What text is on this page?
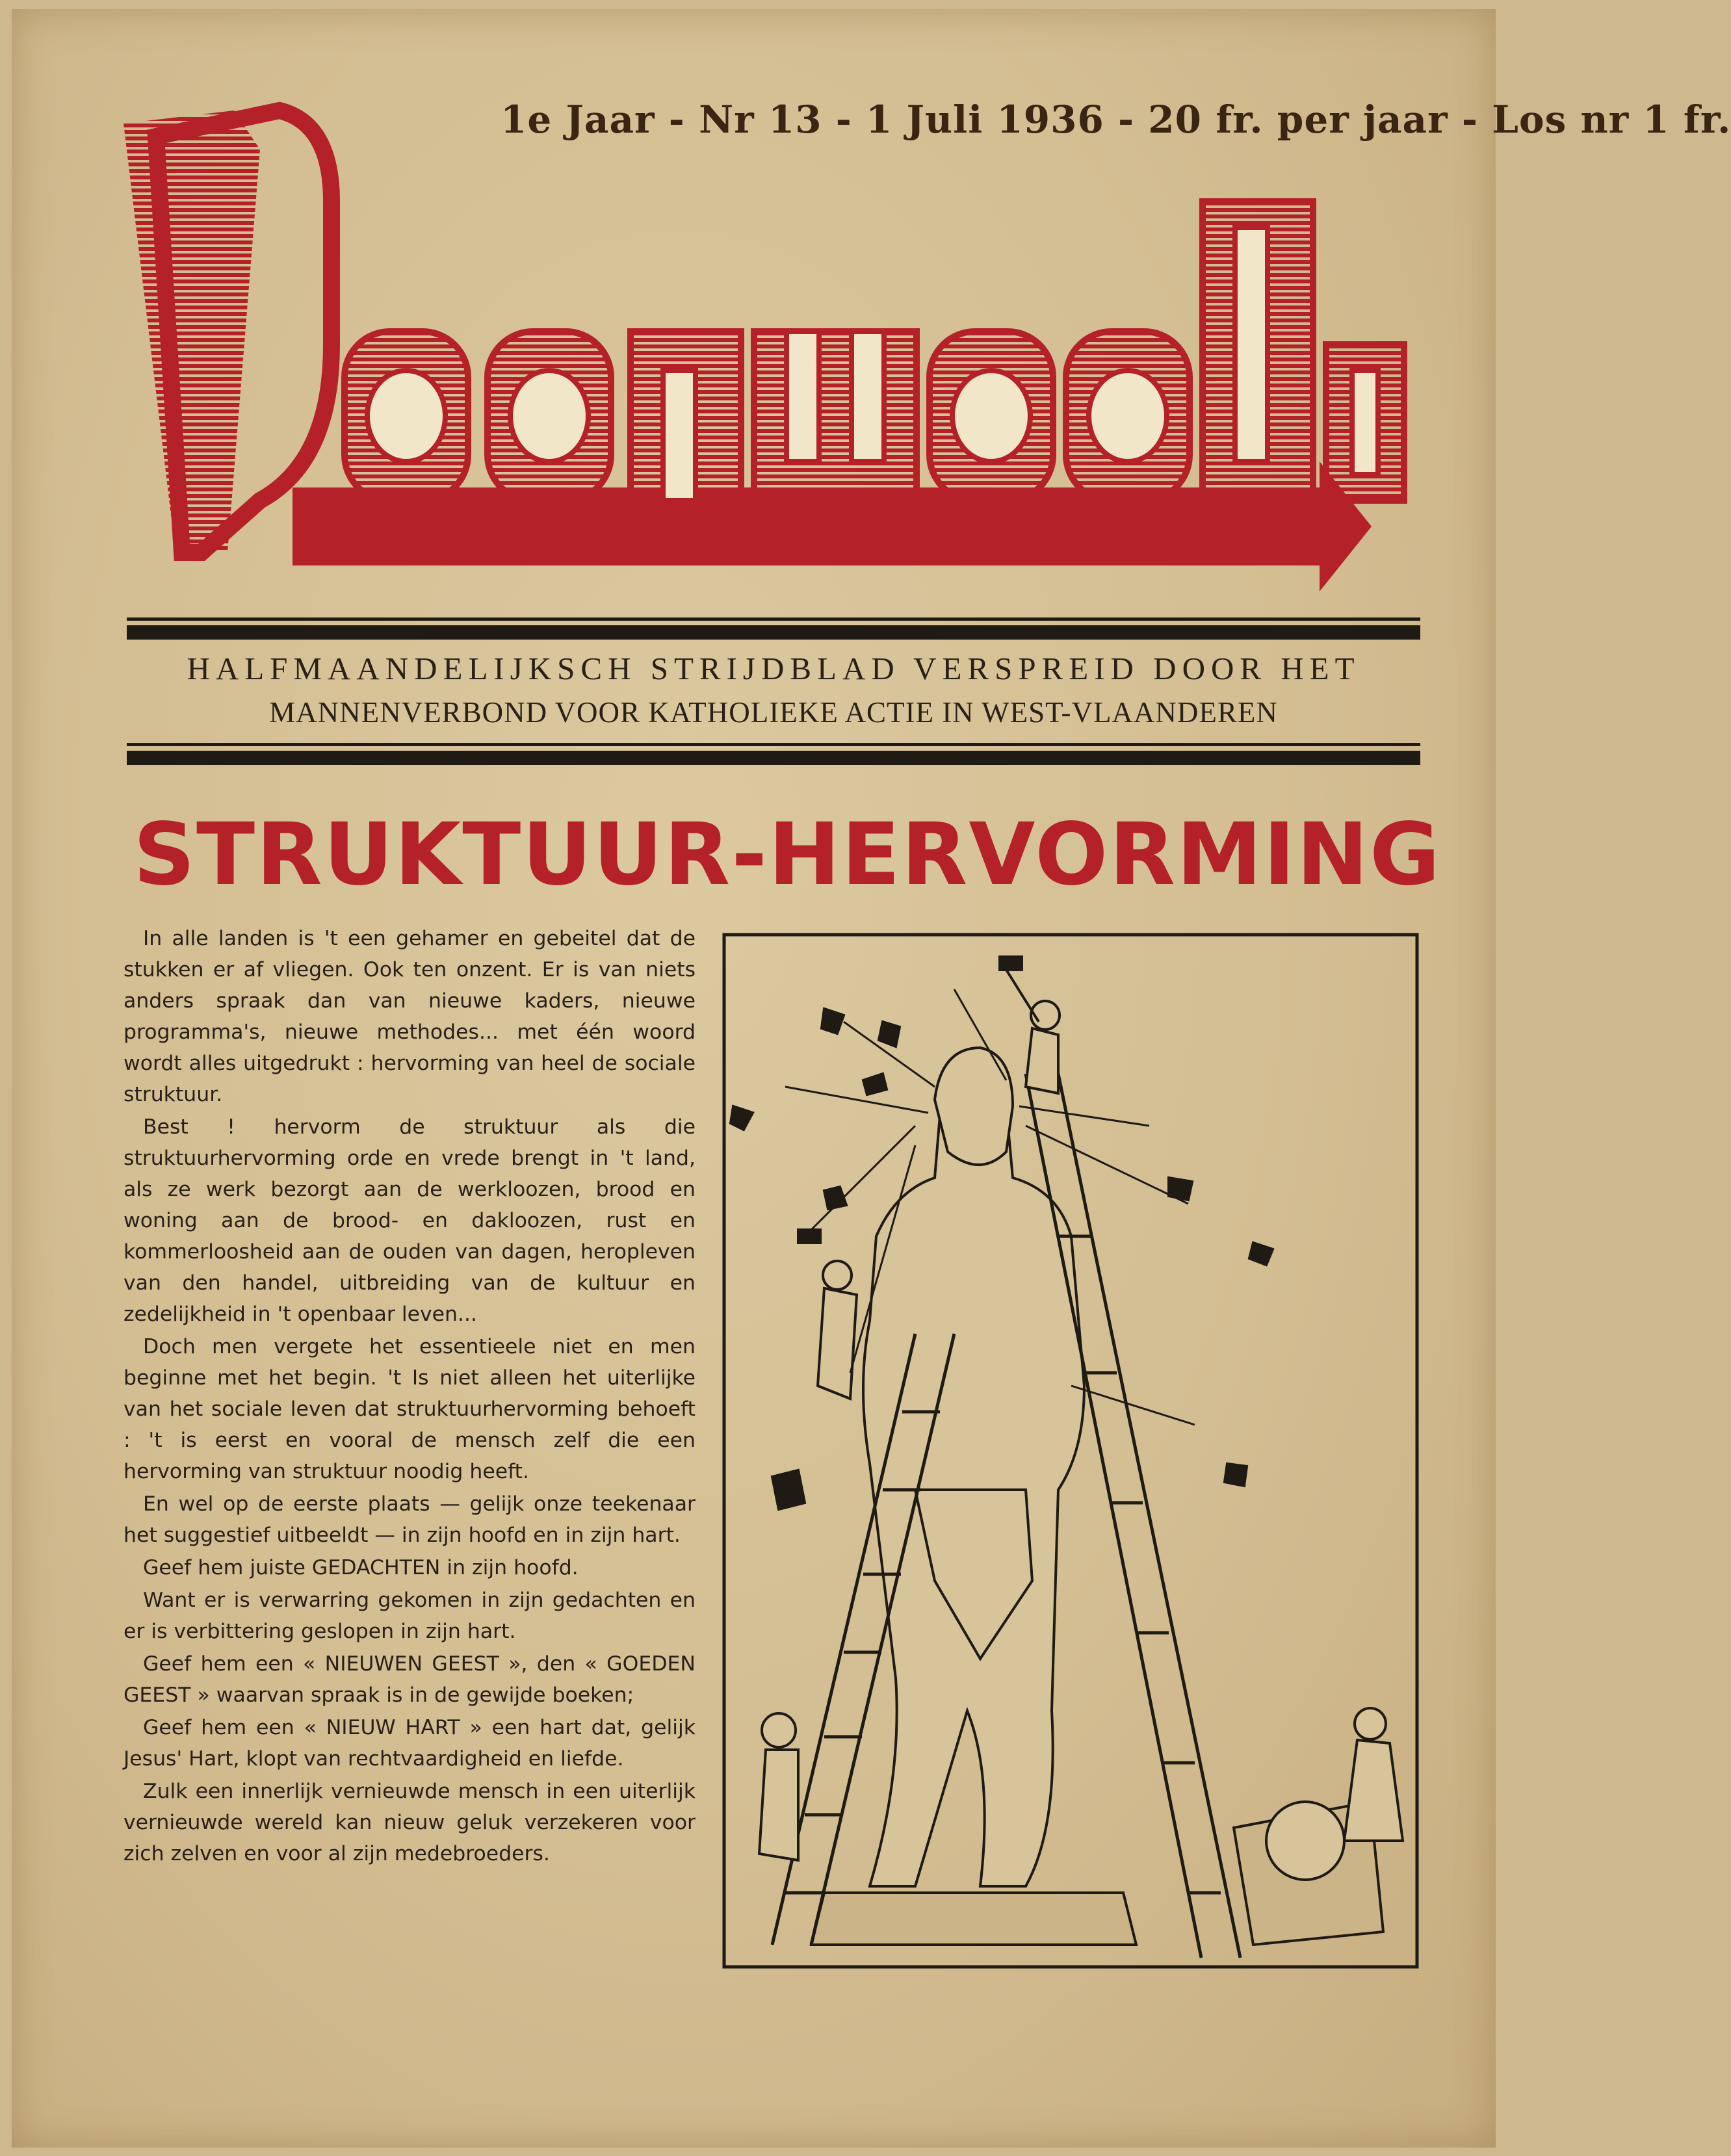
1e Jaar - Nr 13 - 1 Juli 1936 - 20 fr. per jaar - Los nr 1 fr.
HALFMAANDELIJKSCH STRIJDBLAD VERSPREID DOOR HET
MANNENVERBOND VOOR KATHOLIEKE ACTIE IN WEST-VLAANDEREN
STRUKTUUR-HERVORMING

In alle landen is 't een gehamer en gebeitel dat de stukken er af vliegen. Ook ten onzent. Er is van niets anders spraak dan van nieuwe kaders, nieuwe programma's, nieuwe methodes... met één woord wordt alles uitgedrukt : hervorming van heel de sociale struktuur.

Best ! hervorm de struktuur als die struktuurhervorming orde en vrede brengt in 't land, als ze werk bezorgt aan de werkloozen, brood en woning aan de brood- en dakloozen, rust en kommerloosheid aan de ouden van dagen, heropleven van den handel, uitbreiding van de kultuur en zedelijkheid in 't openbaar leven...

Doch men vergete het essentieele niet en men beginne met het begin. 't Is niet alleen het uiterlijke van het sociale leven dat struktuurhervorming behoeft : 't is eerst en vooral de mensch zelf die een hervorming van struktuur noodig heeft.

En wel op de eerste plaats — gelijk onze teekenaar het suggestief uitbeeldt — in zijn hoofd en in zijn hart.

Geef hem juiste GEDACHTEN in zijn hoofd.

Want er is verwarring gekomen in zijn gedachten en er is verbittering geslopen in zijn hart.

Geef hem een « NIEUWEN GEEST », den « GOEDEN GEEST » waarvan spraak is in de gewijde boeken;

Geef hem een « NIEUW HART » een hart dat, gelijk Jesus' Hart, klopt van rechtvaardigheid en liefde.

Zulk een innerlijk vernieuwde mensch in een uiterlijk vernieuwde wereld kan nieuw geluk verzekeren voor zich zelven en voor al zijn medebroeders.
